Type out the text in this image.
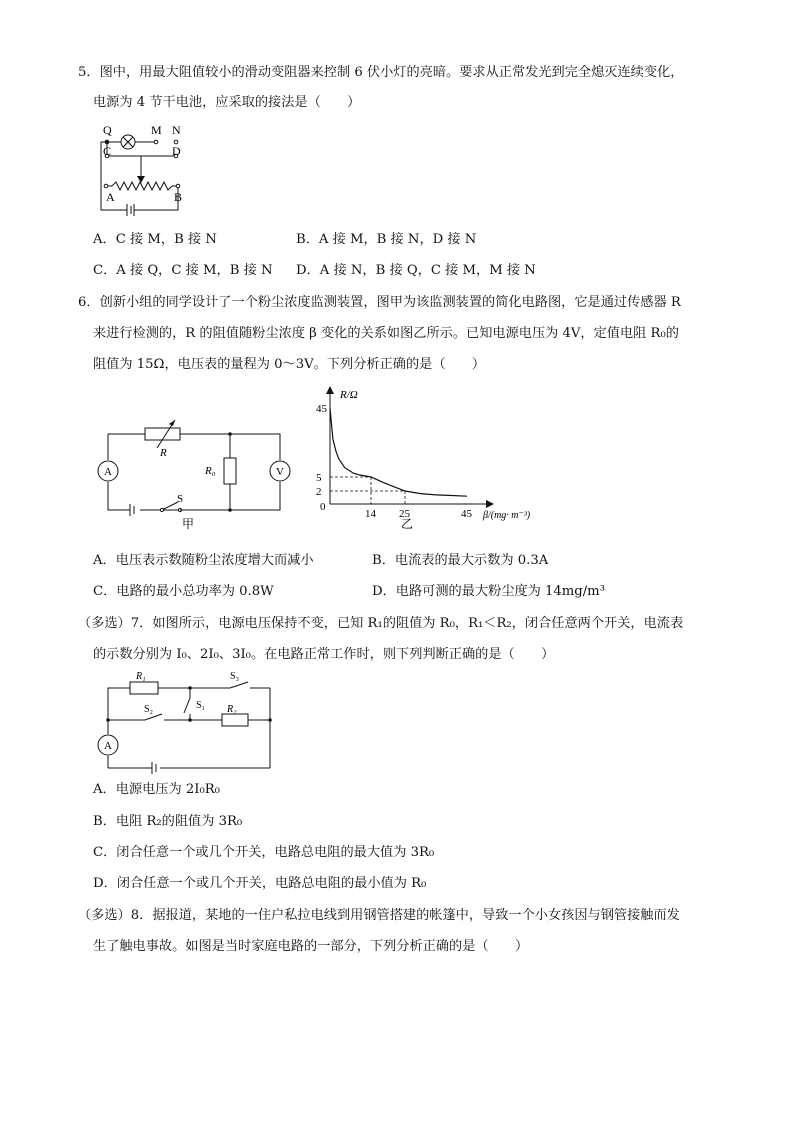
5．图中，用最大阻值较小的滑动变阻器来控制 6 伏小灯的亮暗。要求从正常发光到完全熄灭连续变化，
电源为 4 节干电池，应采取的接法是（　　）
Q	M N
C	D
A	B
A．C 接 M，B 接 N	B．A 接 M，B 接 N，D 接 N
C．A 接 Q，C 接 M，B 接 N D．A 接 N，B 接 Q，C 接 M，M 接 N
6．创新小组的同学设计了一个粉尘浓度监测装置，图甲为该监测装置的简化电路图，它是通过传感器 R
来进行检测的，R 的阻值随粉尘浓度 β 变化的关系如图乙所示。已知电源电压为 4V，定值电阻 R₀的
阻值为 15Ω，电压表的量程为 0～3V。下列分析正确的是（　　）
A	V
R
R₀
S
甲
14 25	45
45
5
2
R/Ω
β/(mg· m⁻³)
0
乙
A．电压表示数随粉尘浓度增大而减小	B．电流表的最大示数为 0.3A
C．电路的最小总功率为 0.8W	D．电路可测的最大粉尘度为 14mg/m³
（多选）7．如图所示，电源电压保持不变，已知 R₁的阻值为 R₀，R₁＜R₂，闭合任意两个开关，电流表
的示数分别为 I₀、2I₀、3I₀。在电路正常工作时，则下列判断正确的是（　　）
A
R₁
R₂
S₁
S₂
S₃
A．电源电压为 2I₀R₀
B．电阻 R₂的阻值为 3R₀
C．闭合任意一个或几个开关，电路总电阻的最大值为 3R₀
D．闭合任意一个或几个开关，电路总电阻的最小值为 R₀
（多选）8．据报道，某地的一住户私拉电线到用钢管搭建的帐篷中，导致一个小女孩因与钢管接触而发
生了触电事故。如图是当时家庭电路的一部分，下列分析正确的是（　　）
